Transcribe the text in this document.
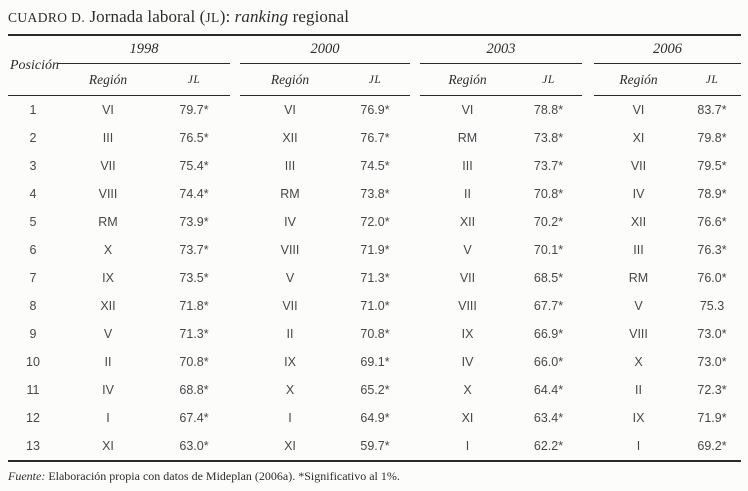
CUADRO D. Jornada laboral (JL): ranking regional
Posición	1998			2000			2003			2006	
	Región	JL		Región	JL		Región	JL		Región	JL
1	VI	79.7*		VI	76.9*		VI	78.8*		VI	83.7*
2	III	76.5*		XII	76.7*		RM	73.8*		XI	79.8*
3	VII	75.4*		III	74.5*		III	73.7*		VII	79.5*
4	VIII	74.4*		RM	73.8*		II	70.8*		IV	78.9*
5	RM	73.9*		IV	72.0*		XII	70.2*		XII	76.6*
6	X	73.7*		VIII	71.9*		V	70.1*		III	76.3*
7	IX	73.5*		V	71.3*		VII	68.5*		RM	76.0*
8	XII	71.8*		VII	71.0*		VIII	67.7*		V	75.3
9	V	71.3*		II	70.8*		IX	66.9*		VIII	73.0*
10	II	70.8*		IX	69.1*		IV	66.0*		X	73.0*
11	IV	68.8*		X	65.2*		X	64.4*		II	72.3*
12	I	67.4*		I	64.9*		XI	63.4*		IX	71.9*
13	XI	63.0*		XI	59.7*		I	62.2*		I	69.2*
Fuente: Elaboración propia con datos de Mideplan (2006a). *Significativo al 1%.
